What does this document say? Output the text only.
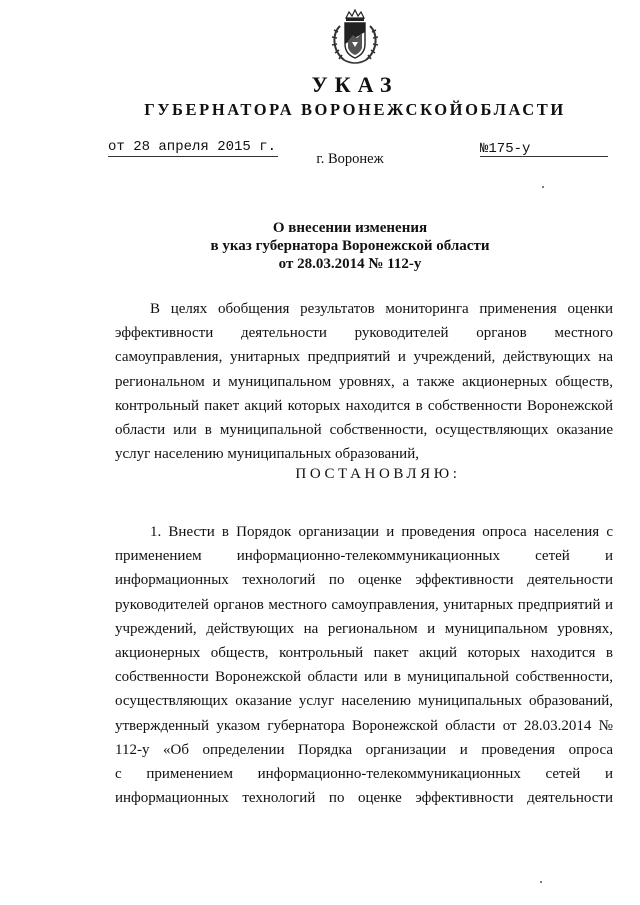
УКАЗ
ГУБЕРНАТОРА ВОРОНЕЖСКОЙОБЛАСТИ
от 28 апреля 2015 г.	№175-у
г. Воронеж
О внесении изменения
в указ губернатора Воронежской области
от 28.03.2014 № 112-у
В целях обобщения результатов мониторинга применения оценки
эффективности деятельности руководителей органов местного
самоуправления, унитарных предприятий и учреждений, действующих на
региональном и муниципальном уровнях, а также акционерных обществ,
контрольный пакет акций которых находится в собственности Воронежской
области или в муниципальной собственности, осуществляющих оказание
услуг населению муниципальных образований,
ПОСТАНОВЛЯЮ:
1. Внести в Порядок организации и проведения опроса населения с
применением информационно-телекоммуникационных сетей и
информационных технологий по оценке эффективности деятельности
руководителей органов местного самоуправления, унитарных предприятий и
учреждений, действующих на региональном и муниципальном уровнях,
акционерных обществ, контрольный пакет акций которых находится в
собственности Воронежской области или в муниципальной собственности,
осуществляющих оказание услуг населению муниципальных образований,
утвержденный указом губернатора Воронежской области от 28.03.2014 №
112-у «Об определении Порядка организации и проведения опроса
с применением информационно-телекоммуникационных сетей и
информационных технологий по оценке эффективности деятельности
